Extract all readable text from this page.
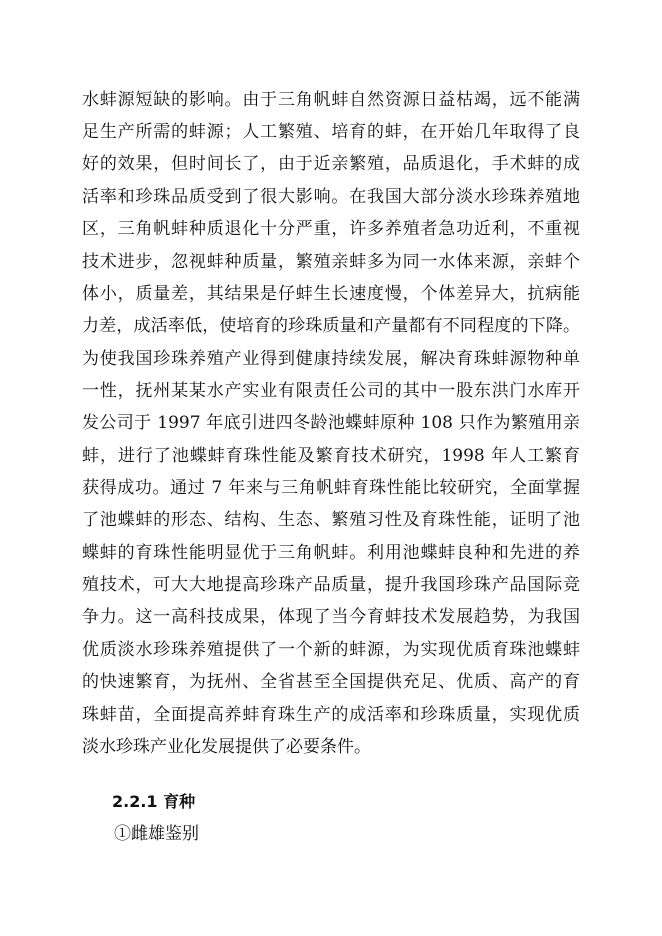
水蚌源短缺的影响。由于三角帆蚌自然资源日益枯竭，远不能满
足生产所需的蚌源；人工繁殖、培育的蚌，在开始几年取得了良
好的效果，但时间长了，由于近亲繁殖，品质退化，手术蚌的成
活率和珍珠品质受到了很大影响。在我国大部分淡水珍珠养殖地
区，三角帆蚌种质退化十分严重，许多养殖者急功近利，不重视
技术进步，忽视蚌种质量，繁殖亲蚌多为同一水体来源，亲蚌个
体小，质量差，其结果是仔蚌生长速度慢，个体差异大，抗病能
力差，成活率低，使培育的珍珠质量和产量都有不同程度的下降。
为使我国珍珠养殖产业得到健康持续发展，解决育珠蚌源物种单
一性，抚州某某水产实业有限责任公司的其中一股东洪门水库开
发公司于 1997 年底引进四冬龄池蝶蚌原种 108 只作为繁殖用亲
蚌，进行了池蝶蚌育珠性能及繁育技术研究，1998 年人工繁育
获得成功。通过 7 年来与三角帆蚌育珠性能比较研究，全面掌握
了池蝶蚌的形态、结构、生态、繁殖习性及育珠性能，证明了池
蝶蚌的育珠性能明显优于三角帆蚌。利用池蝶蚌良种和先进的养
殖技术，可大大地提高珍珠产品质量，提升我国珍珠产品国际竞
争力。这一高科技成果，体现了当今育蚌技术发展趋势，为我国
优质淡水珍珠养殖提供了一个新的蚌源，为实现优质育珠池蝶蚌
的快速繁育，为抚州、全省甚至全国提供充足、优质、高产的育
珠蚌苗，全面提高养蚌育珠生产的成活率和珍珠质量，实现优质
淡水珍珠产业化发展提供了必要条件。
2.2.1 育种
①雌雄鉴别
